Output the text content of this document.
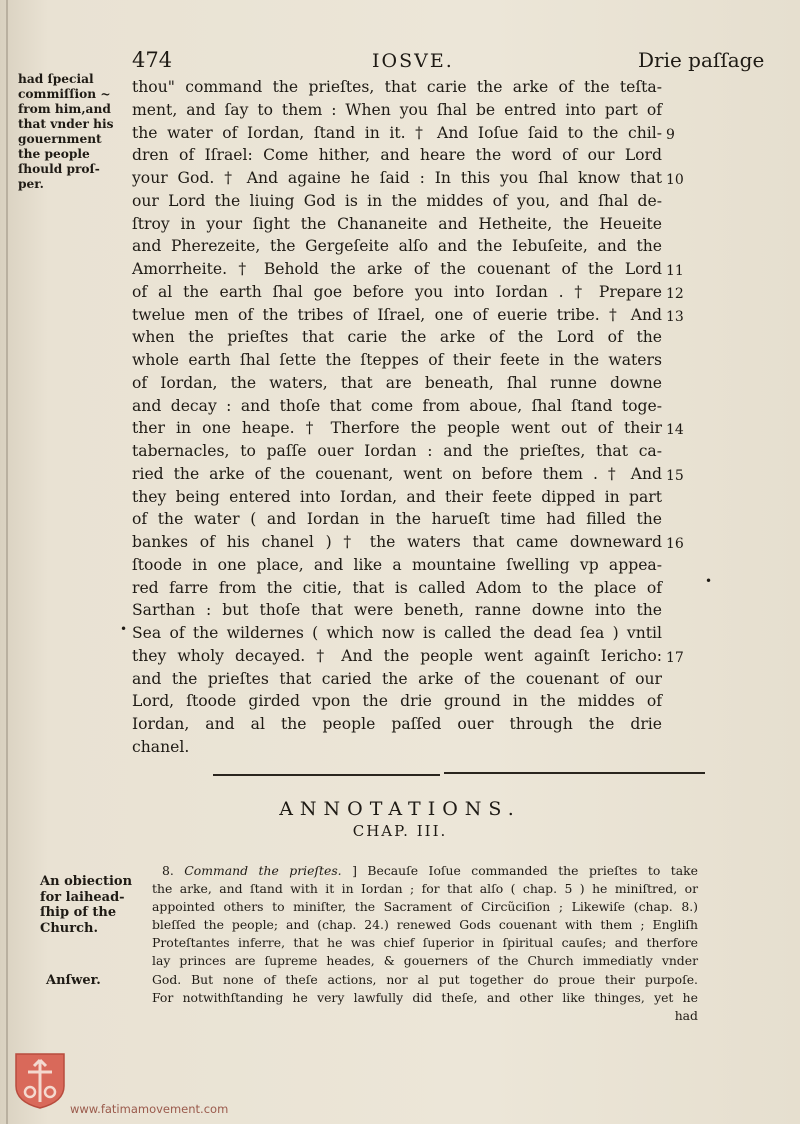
474	IOSVE.	Drie paſſage
had ſpecial
commiſſion ~
from him,and
that vnder his
gouernment
the people
ſhould proſ-
per.
thou" command the prieſtes, that carie the arke of the teſta-
ment, and ſay to them : When you ſhal be entred into part of
the water of Iordan, ſtand in it. † And Ioſue ſaid to the chil-
dren of Iſrael: Come hither, and heare the word of our Lord
your God. † And againe he ſaid : In this you ſhal know that
our Lord the liuing God is in the middes of you, and ſhal de-
ſtroy in your ſight the Chananeite and Hetheite, the Heueite
and Pherezeite, the Gergeſeite alſo and the Iebuſeite, and the
Amorrheite. † Behold the arke of the couenant of the Lord
of al the earth ſhal goe before you into Iordan . † Prepare
twelue men of the tribes of Iſrael, one of euerie tribe. † And
when the prieſtes that carie the arke of the Lord of the
whole earth ſhal ſette the ſteppes of their feete in the waters
of Iordan, the waters, that are beneath, ſhal runne downe
and decay : and thoſe that come from aboue, ſhal ſtand toge-
ther in one heape. † Therfore the people went out of their
tabernacles, to paſſe ouer Iordan : and the prieſtes, that ca-
ried the arke of the couenant, went on before them . † And
they being entered into Iordan, and their feete dipped in part
of the water ( and Iordan in the harueſt time had filled the
bankes of his chanel ) † the waters that came downeward
ſtoode in one place, and like a mountaine ſwelling vp appea-
red farre from the citie, that is called Adom to the place of
Sarthan : but thoſe that were beneth, ranne downe into the
Sea of the wildernes ( which now is called the dead ſea ) vntil
they wholy decayed. † And the people went againſt Iericho:
and the prieſtes that caried the arke of the couenant of our
Lord, ſtoode girded vpon the drie ground in the middes of
Iordan, and al the people paſſed ouer through the drie
chanel.
9
10
11
12
13
14
15
16
17
•
•
ANNOTATIONS.
CHAP. III.
An obiection
for laihead-
ſhip of the
Church.
Anſwer.
8. Command the prieſtes. ] Becauſe Ioſue commanded the prieſtes to take
the arke, and ſtand with it in Iordan ; for that alſo ( chap. 5 ) he miniſtred, or
appointed others to miniſter, the Sacrament of Circũciſion ; Likewiſe (chap. 8.)
bleſſed the people; and (chap. 24.) renewed Gods couenant with them ; Engliſh
Proteſtantes inferre, that he was chief ſuperior in ſpiritual cauſes; and therfore
lay princes are ſupreme heades, & gouerners of the Church immediatly vnder
God. But none of theſe actions, nor al put together do proue their purpoſe.
For notwithſtanding he very lawfully did theſe, and other like thinges, yet he
had
www.fatimamovement.com
